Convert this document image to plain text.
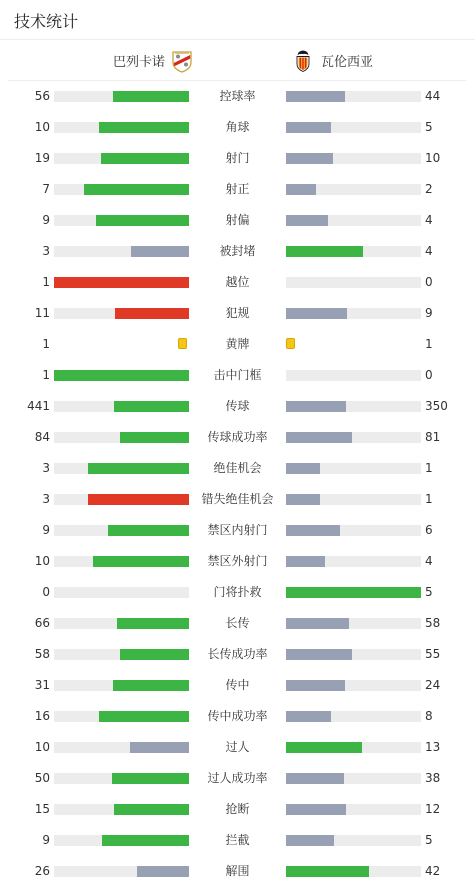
技术统计
巴列卡诺	瓦伦西亚
56	控球率	44
10	角球	5
19	射门	10
7	射正	2
9	射偏	4
3	被封堵	4
1	越位	0
11	犯规	9
1	黄牌	1
1	击中门框	0
441	传球	350
84	传球成功率	81
3	绝佳机会	1
3	错失绝佳机会	1
9	禁区内射门	6
10	禁区外射门	4
0	门将扑救	5
66	长传	58
58	长传成功率	55
31	传中	24
16	传中成功率	8
10	过人	13
50	过人成功率	38
15	抢断	12
9	拦截	5
26	解围	42
